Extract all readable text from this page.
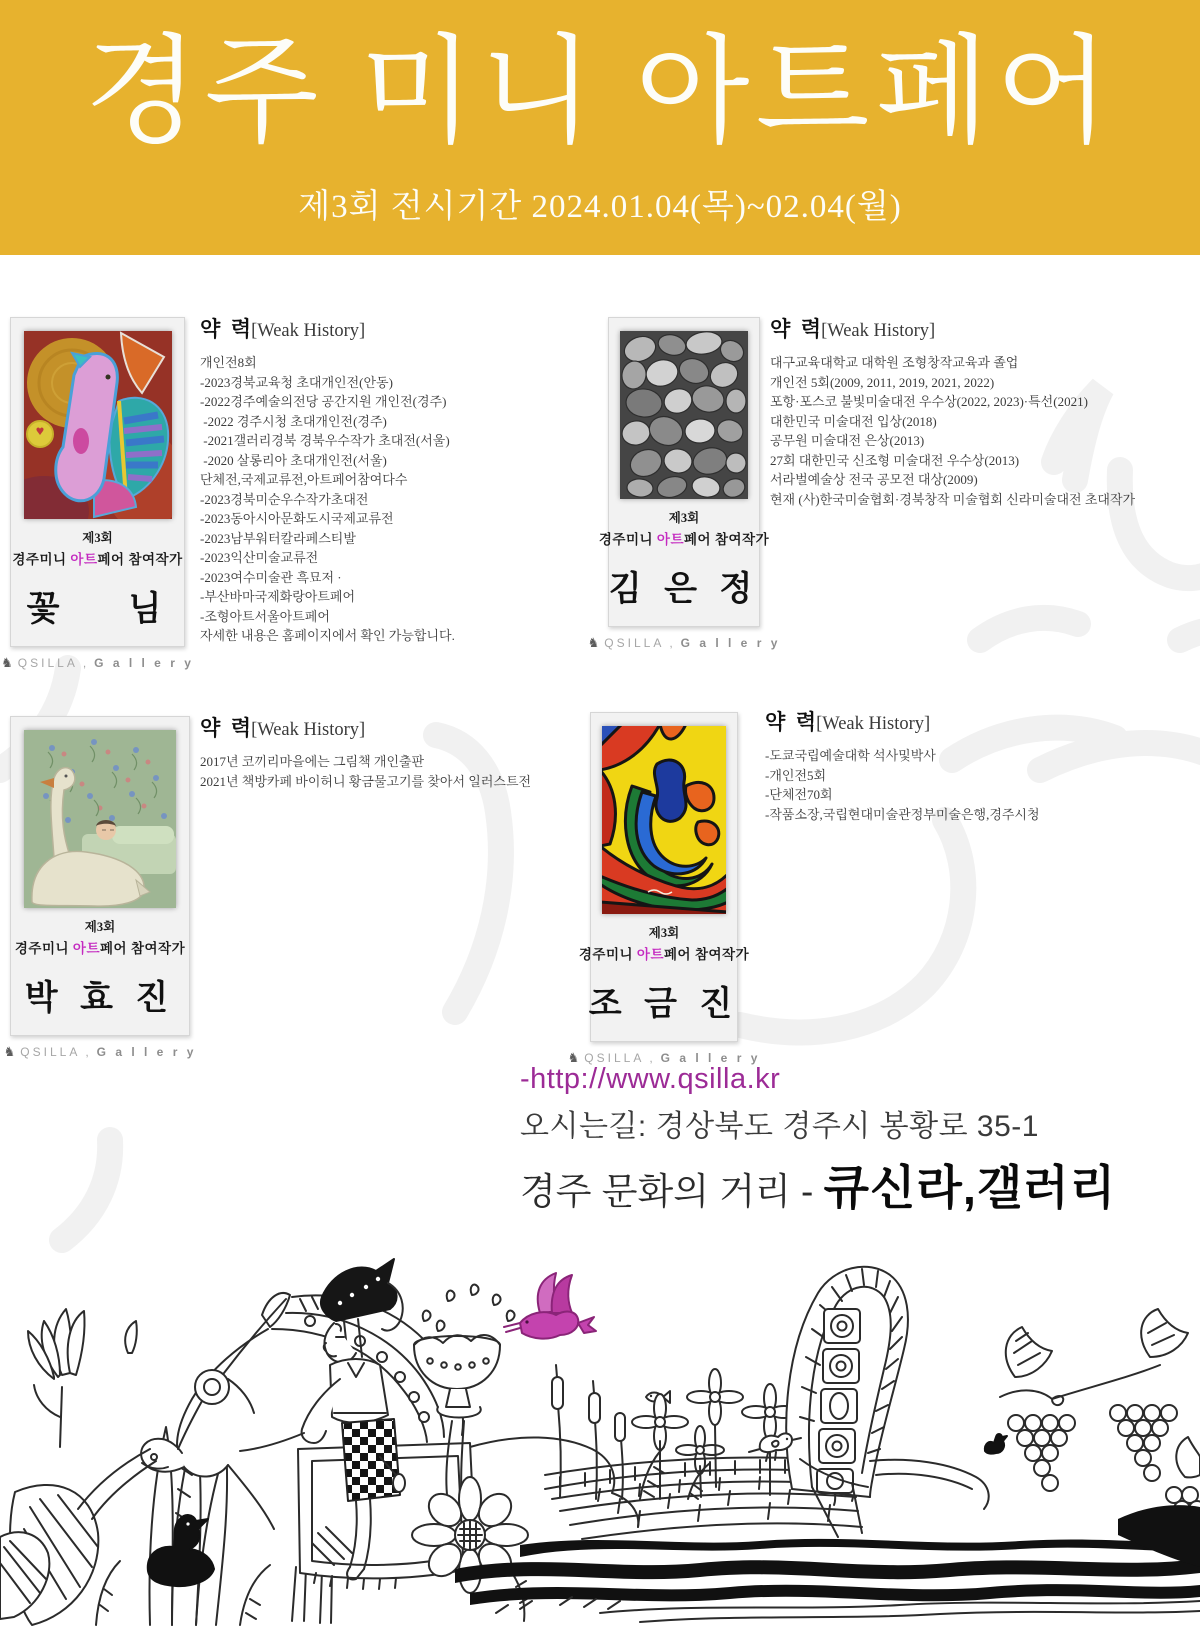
경주 미니 아트페어
제3회 전시기간 2024.01.04(목)~02.04(월)
제3회
경주미니 아트페어 참여작가
꽃    님
♞ QSILLA , G a l l e r y
약  력[Weak History]
개인전8회
-2023경북교육청 초대개인전(안동)
-2022경주예술의전당 공간지원 개인전(경주)
-2022 경주시청 초대개인전(경주)
-2021갤러리경북 경북우수작가 초대전(서울)
-2020 살롱리아 초대개인전(서울)
단체전,국제교류전,아트페어참여다수
-2023경북미순우수작가초대전
-2023동아시아문화도시국제교류전
-2023남부워터칼라페스티발
-2023익산미술교류전
-2023여수미술관 흑묘저 ·
-부산바마국제화랑아트페어
-조형아트서울아트페어
자세한 내용은 홈페이지에서 확인 가능합니다.
제3회
경주미니 아트페어 참여작가
김 은 정
♞ QSILLA , G a l l e r y
약  력[Weak History]
대구교육대학교 대학원 조형창작교육과 졸업
개인전 5회(2009, 2011, 2019, 2021, 2022)
포항·포스코 불빛미술대전 우수상(2022, 2023)·특선(2021)
대한민국 미술대전 입상(2018)
공무원 미술대전 은상(2013)
27회 대한민국 신조형 미술대전 우수상(2013)
서라벌예술상 전국 공모전 대상(2009)
현재 (사)한국미술협회·경북창작 미술협회 신라미술대전 초대작가
제3회
경주미니 아트페어 참여작가
박 효 진
♞ QSILLA , G a l l e r y
약  력[Weak History]
2017년 코끼리마을에는 그림책 개인출판
2021년 책방카페 바이허니 황금물고기를 찾아서 일러스트전
제3회
경주미니 아트페어 참여작가
조 금 진
♞ QSILLA , G a l l e r y
약  력[Weak History]
-도쿄국립예술대학 석사및박사
-개인전5회
-단체전70회
-작품소장,국립현대미술관정부미술은행,경주시청
-http://www.qsilla.kr
오시는길: 경상북도 경주시 봉황로 35-1
경주 문화의 거리 - 큐신라,갤러리
